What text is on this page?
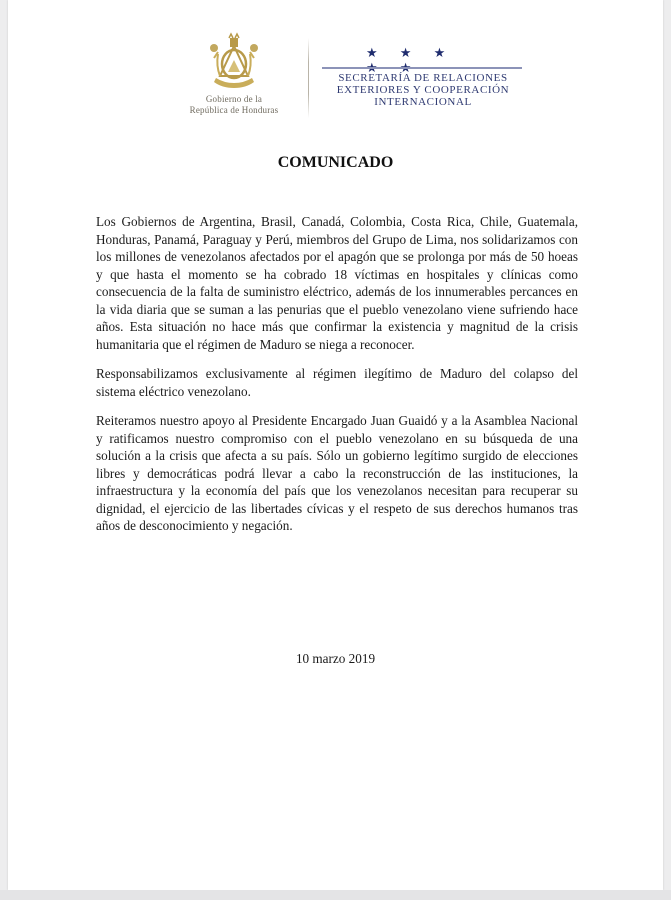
Gobierno de la
República de Honduras
★ ★ ★
SECRETARÍA DE RELACIONES
EXTERIORES Y COOPERACIÓN
INTERNACIONAL
COMUNICADO

Los Gobiernos de Argentina, Brasil, Canadá, Colombia, Costa Rica, Chile, Guatemala, Honduras, Panamá, Paraguay y Perú, miembros del Grupo de Lima, nos solidarizamos con los millones de venezolanos afectados por el apagón que se prolonga por más de 50 hoeas y que hasta el momento se ha cobrado 18 víctimas en hospitales y clínicas como consecuencia de la falta de suministro eléctrico, además de los innumerables percances en la vida diaria que se suman a las penurias que el pueblo venezolano viene sufriendo hace años. Esta situación no hace más que confirmar la existencia y magnitud de la crisis humanitaria que el régimen de Maduro se niega a reconocer.

Responsabilizamos exclusivamente al régimen ilegítimo de Maduro del colapso del sistema eléctrico venezolano.

Reiteramos nuestro apoyo al Presidente Encargado Juan Guaidó y a la Asamblea Nacional y ratificamos nuestro compromiso con el pueblo venezolano en su búsqueda de una solución a la crisis que afecta a su país. Sólo un gobierno legítimo surgido de elecciones libres y democráticas podrá llevar a cabo la reconstrucción de las instituciones, la infraestructura y la economía del país que los venezolanos necesitan para recuperar su dignidad, el ejercicio de las libertades cívicas y el respeto de sus derechos humanos tras años de desconocimiento y negación.

10 marzo 2019
